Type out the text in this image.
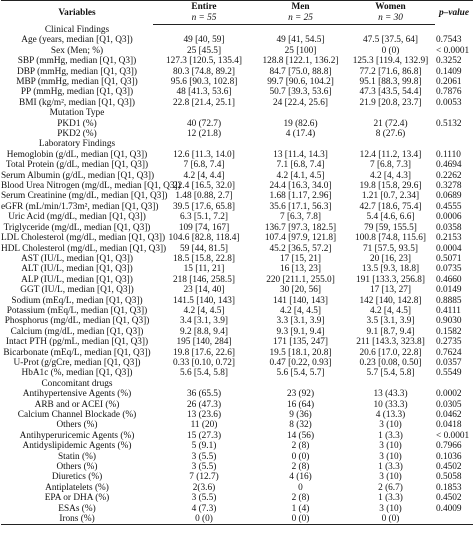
Variables	Entire	Men	Women	p–value
	n = 55	n = 25	n = 30	
Clinical Findings				
Age (years, median [Q1, Q3])	49 [40, 59]	49 [41, 54.5]	47.5 [37.5, 64]	0.7543
Sex (Men; %)	25 [45.5]	25 [100]	0 (0)	< 0.0001
SBP (mmHg, median [Q1, Q3])	127.3 [120.5, 135.4]	128.8 [122.1, 136.2]	125.3 [119.4, 132.9]	0.3252
DBP (mmHg, median [Q1, Q3])	80.3 [74.8, 89.2]	84.7 [75.0, 88.8]	77.2 [71.6, 86.8]	0.1409
MBP (mmHg, median [Q1, Q3])	95.6 [90.3, 102.8]	99.7 [90.6, 104.2]	95.1 [88.3, 99.8]	0.2061
PP (mmHg, median [Q1, Q3])	48 [41.3, 53.6]	50.7 [39.3, 53.6]	47.3 [43.5, 54.4]	0.7876
BMI (kg/m², median [Q1, Q3])	22.8 [21.4, 25.1]	24 [22.4, 25.6]	21.9 [20.8, 23.7]	0.0053
Mutation Type				
PKD1 (%)	40 (72.7)	19 (82.6)	21 (72.4)	0.5132
PKD2 (%)	12 (21.8)	4 (17.4)	8 (27.6)	
Laboratory Findings				
Hemoglobin (g/dL, median [Q1, Q3])	12.6 [11.3, 14.0]	13 [11.4, 14.3]	12.4 [11.2, 13.4]	0.1110
Total Protein (g/dL, median [Q1, Q3])	7 [6.8, 7.4]	7.1 [6.8, 7.4]	7 [6.8, 7.3]	0.4694
Serum Albumin (g/dL, median [Q1, Q3])	4.2 [4, 4.4]	4.2 [4.1, 4.5]	4.2 [4, 4.3]	0.2262
Blood Urea Nitrogen (mg/dL, median [Q1, Q3])	22.4 [16.5, 32.0]	24.4 [16.3, 34.0]	19.8 [15.8, 29.6]	0.3278
Serum Creatinine (mg/dL, median [Q1, Q3])	1.48 [0.88, 2.7]	1.68 [1.17, 2.96]	1.21 [0.7, 2.34]	0.0689
eGFR (mL/min/1.73m², median [Q1, Q3])	39.5 [17.6, 65.8]	35.6 [17.1, 56.3]	42.7 [18.6, 75.4]	0.4555
Uric Acid (mg/dL, median [Q1, Q3])	6.3 [5.1, 7.2]	7 [6.3, 7.8]	5.4 [4.6, 6.6]	0.0006
Triglyceride (mg/dL, median [Q1, Q3])	109 [74, 167]	136.7 [97.3, 182.5]	79 [59, 155.5]	0.0358
LDL Cholesterol (mg/dL, median [Q1, Q3])	104.6 [82.8, 118.4]	107.4 [97.9, 121.8]	100.8 [74.8, 115.6]	0.2153
HDL Cholesterol (mg/dL, median [Q1, Q3])	59 [44, 81.5]	45.2 [36.5, 57.2]	71 [57.5, 93.5]	0.0004
AST (IU/L, median [Q1, Q3])	18.5 [15.8, 22.8]	17 [15, 21]	20 [16, 23]	0.5071
ALT (IU/L, median [Q1, Q3])	15 [11, 21]	16 [13, 23]	13.5 [9.3, 18.8]	0.0735
ALP (IU/L, median [Q1, Q3])	218 [146, 258.5]	220 [211.1, 255.0]	191 [133.3, 256.8]	0.4660
GGT (IU/L, median [Q1, Q3])	23 [14, 40]	30 [20, 56]	17 [13, 27]	0.0149
Sodium (mEq/L, median [Q1, Q3])	141.5 [140, 143]	141 [140, 143]	142 [140, 142.8]	0.8885
Potassium (mEq/L, median [Q1, Q3])	4.2 [4, 4.5]	4.2 [4, 4.5]	4.2 [4, 4.5]	0.4111
Phosphorus (mg/dL, median [Q1, Q3])	3.4 [3.1, 3.9]	3.3 [3.1, 3.9]	3.5 [3.1, 3.9]	0.9030
Calcium (mg/dL, median [Q1, Q3])	9.2 [8.8, 9.4]	9.3 [9.1, 9.4]	9.1 [8.7, 9.4]	0.1582
Intact PTH (pg/mL, median [Q1, Q3])	195 [140, 284]	171 [135, 247]	211 [143.3, 323.8]	0.2735
Bicarbonate (mEq/L, median [Q1, Q3])	19.8 [17.6, 22.6]	19.5 [18.1, 20.8]	20.6 [17.0, 22.8]	0.7624
U-Prot (g/gCre, median [Q1, Q3])	0.33 [0.10, 0.72]	0.47 [0.22, 0.93]	0.23 [0.08, 0.50]	0.0357
HbA1c (%, median [Q1, Q3])	5.6 [5.4, 5.8]	5.6 [5.4, 5.7]	5.7 [5.4, 5.8]	0.5549
Concomitant drugs				
Antihypertensive Agents (%)	36 (65.5)	23 (92)	13 (43.3)	0.0002
ARB and or ACEI (%)	26 (47.3)	16 (64)	10 (33.3)	0.0305
Calcium Channel Blockade (%)	13 (23.6)	9 (36)	4 (13.3)	0.0462
Others (%)	11 (20)	8 (32)	3 (10)	0.0418
Antihyperuricemic Agents (%)	15 (27.3)	14 (56)	1 (3.3)	< 0.0001
Antidyslipidemic Agents (%)	5 (9.1)	2 (8)	3 (10)	0.7966
Statin (%)	3 (5.5)	0 (0)	3 (10)	0.1036
Others (%)	3 (5.5)	2 (8)	1 (3.3)	0.4502
Diuretics (%)	7 (12.7)	4 (16)	3 (10)	0.5058
Antiplatelets (%)	2(3.6)	0	2 (6.7)	0.1853
EPA or DHA (%)	3 (5.5)	2 (8)	1 (3.3)	0.4502
ESAs (%)	4 (7.3)	1 (4)	3 (10)	0.4009
Irons (%)	0 (0)	0 (0)	0 (0)	
